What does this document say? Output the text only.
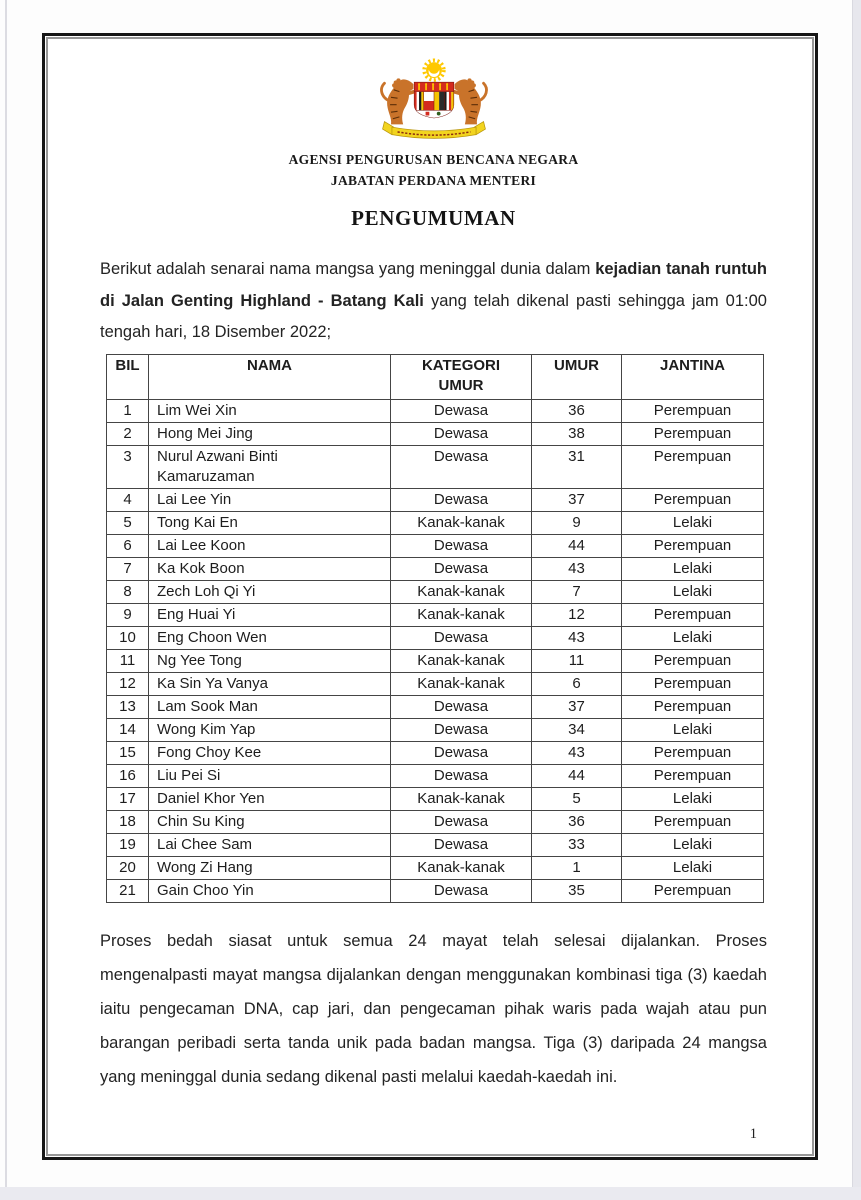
AGENSI PENGURUSAN BENCANA NEGARA
JABATAN PERDANA MENTERI
PENGUMUMAN

Berikut adalah senarai nama mangsa yang meninggal dunia dalam kejadian tanah runtuh di Jalan Genting Highland - Batang Kali yang telah dikenal pasti sehingga jam 01:00 tengah hari, 18 Disember 2022;

BIL	NAMA	KATEGORI UMUR	UMUR	JANTINA
1	Lim Wei Xin	Dewasa	36	Perempuan
2	Hong Mei Jing	Dewasa	38	Perempuan
3	Nurul Azwani Binti Kamaruzaman	Dewasa	31	Perempuan
4	Lai Lee Yin	Dewasa	37	Perempuan
5	Tong Kai En	Kanak-kanak	9	Lelaki
6	Lai Lee Koon	Dewasa	44	Perempuan
7	Ka Kok Boon	Dewasa	43	Lelaki
8	Zech Loh Qi Yi	Kanak-kanak	7	Lelaki
9	Eng Huai Yi	Kanak-kanak	12	Perempuan
10	Eng Choon Wen	Dewasa	43	Lelaki
11	Ng Yee Tong	Kanak-kanak	11	Perempuan
12	Ka Sin Ya Vanya	Kanak-kanak	6	Perempuan
13	Lam Sook Man	Dewasa	37	Perempuan
14	Wong Kim Yap	Dewasa	34	Lelaki
15	Fong Choy Kee	Dewasa	43	Perempuan
16	Liu Pei Si	Dewasa	44	Perempuan
17	Daniel Khor Yen	Kanak-kanak	5	Lelaki
18	Chin Su King	Dewasa	36	Perempuan
19	Lai Chee Sam	Dewasa	33	Lelaki
20	Wong Zi Hang	Kanak-kanak	1	Lelaki
21	Gain Choo Yin	Dewasa	35	Perempuan

Proses bedah siasat untuk semua 24 mayat telah selesai dijalankan. Proses mengenalpasti mayat mangsa dijalankan dengan menggunakan kombinasi tiga (3) kaedah iaitu pengecaman DNA, cap jari, dan pengecaman pihak waris pada wajah atau pun barangan peribadi serta tanda unik pada badan mangsa. Tiga (3) daripada 24 mangsa yang meninggal dunia sedang dikenal pasti melalui kaedah-kaedah ini.

1
